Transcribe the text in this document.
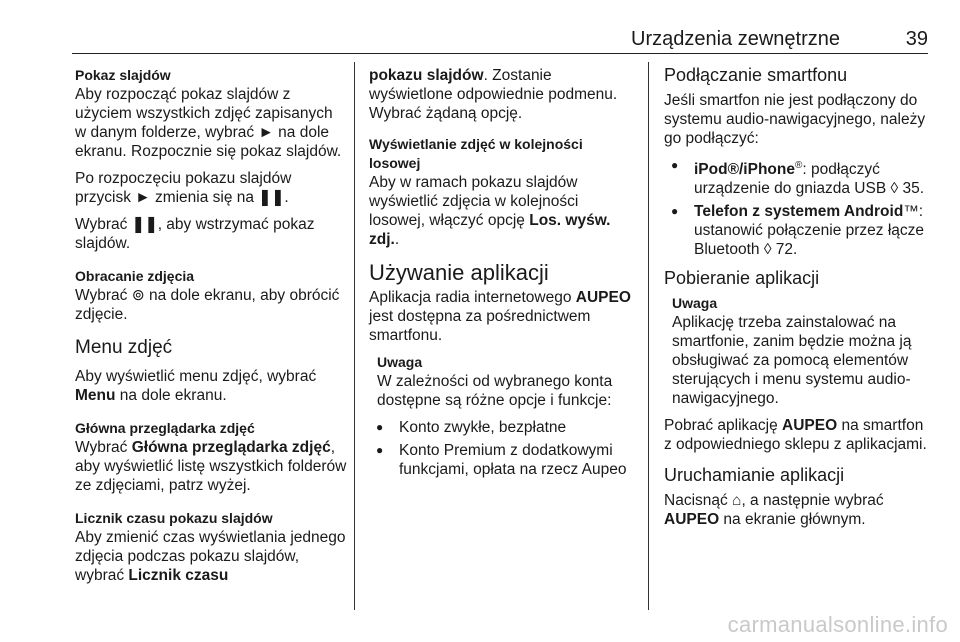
Urządzenia zewnętrzne	39
Pokaz slajdów

Aby rozpocząć pokaz slajdów z użyciem wszystkich zdjęć zapisanych w danym folderze, wybrać ► na dole ekranu. Rozpocznie się pokaz slajdów.

Po rozpoczęciu pokazu slajdów przycisk ► zmienia się na ❚❚.

Wybrać ❚❚, aby wstrzymać pokaz slajdów.

Obracanie zdjęcia

Wybrać ⊚ na dole ekranu, aby obrócić zdjęcie.

Menu zdjęć

Aby wyświetlić menu zdjęć, wybrać Menu na dole ekranu.

Główna przeglądarka zdjęć

Wybrać Główna przeglądarka zdjęć, aby wyświetlić listę wszystkich folderów ze zdjęciami, patrz wyżej.

Licznik czasu pokazu slajdów

Aby zmienić czas wyświetlania jednego zdjęcia podczas pokazu slajdów, wybrać Licznik czasu

pokazu slajdów. Zostanie wyświetlone odpowiednie podmenu. Wybrać żądaną opcję.

Wyświetlanie zdjęć w kolejności losowej

Aby w ramach pokazu slajdów wyświetlić zdjęcia w kolejności losowej, włączyć opcję Los. wyśw. zdj..

Używanie aplikacji

Aplikacja radia internetowego AUPEO jest dostępna za pośrednictwem smartfonu.

Uwaga

W zależności od wybranego konta dostępne są różne opcje i funkcje:

● Konto zwykłe, bezpłatne
● Konto Premium z dodatkowymi funkcjami, opłata na rzecz Aupeo
Podłączanie smartfonu

Jeśli smartfon nie jest podłączony do systemu audio-nawigacyjnego, należy go podłączyć:

● iPod®/iPhone®: podłączyć urządzenie do gniazda USB ◊ 35.
● Telefon z systemem Android™: ustanowić połączenie przez łącze Bluetooth ◊ 72.
Pobieranie aplikacji
Uwaga

Aplikację trzeba zainstalować na smartfonie, zanim będzie można ją obsługiwać za pomocą elementów sterujących i menu systemu audio-nawigacyjnego.

Pobrać aplikację AUPEO na smartfon z odpowiedniego sklepu z aplikacjami.

Uruchamianie aplikacji

Nacisnąć ⌂, a następnie wybrać AUPEO na ekranie głównym.

carmanualsonline.info
